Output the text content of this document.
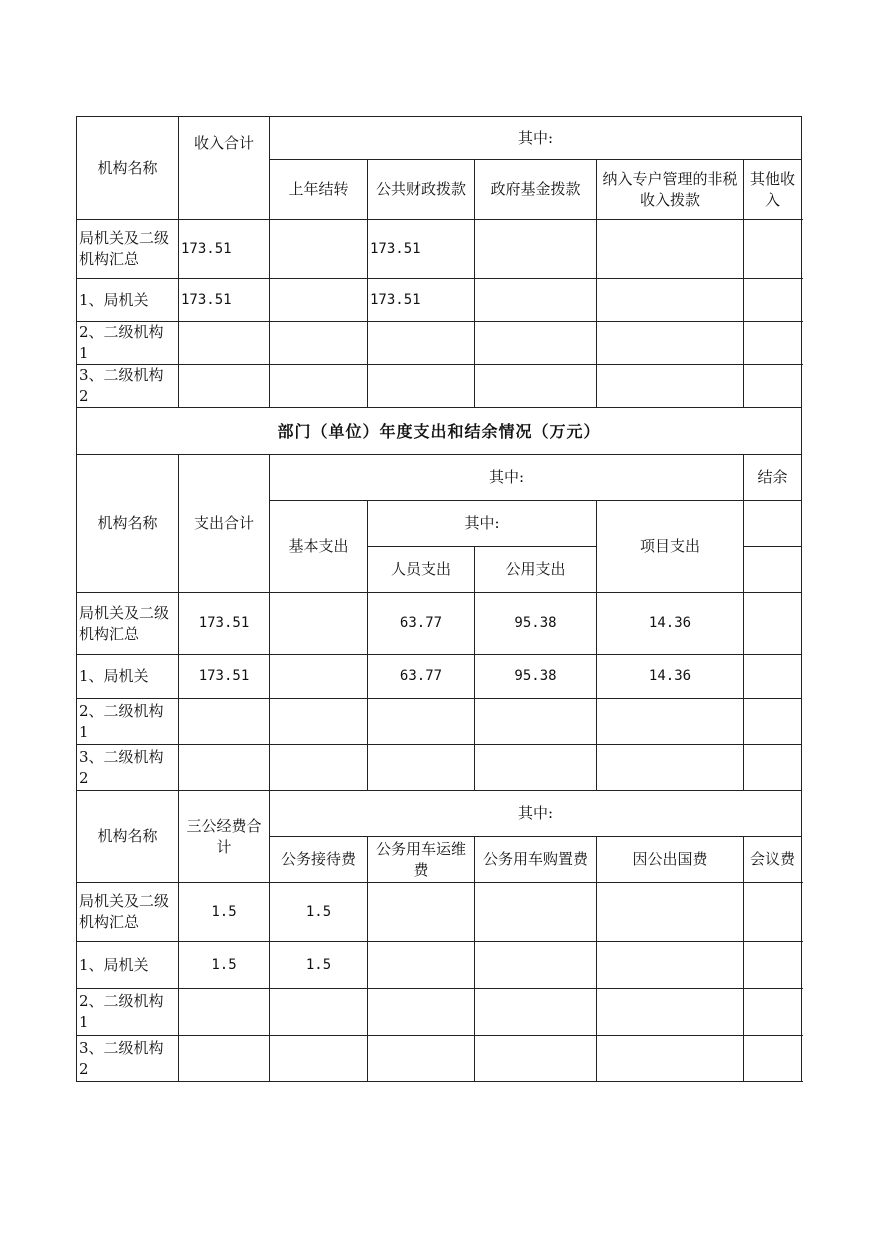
机构名称	收入合计	其中:				
		上年结转	公共财政拨款	政府基金拨款	纳入专户管理的非税收入拨款	其他收入
局机关及二级机构汇总	173.51		173.51			
1、局机关	173.51		173.51			
2、二级机构 1						
3、二级机构 2						
部门（单位）年度支出和结余情况（万元）						
机构名称	支出合计	其中:				结余
		基本支出	其中:		项目支出	
			人员支出	公用支出		
局机关及二级机构汇总	173.51		63.77	95.38	14.36	
1、局机关	173.51		63.77	95.38	14.36	
2、二级机构 1						
3、二级机构 2						
机构名称	三公经费合计	其中:				
		公务接待费	公务用车运维费	公务用车购置费	因公出国费	会议费
局机关及二级机构汇总	1.5	1.5				
1、局机关	1.5	1.5				
2、二级机构 1						
3、二级机构 2						
